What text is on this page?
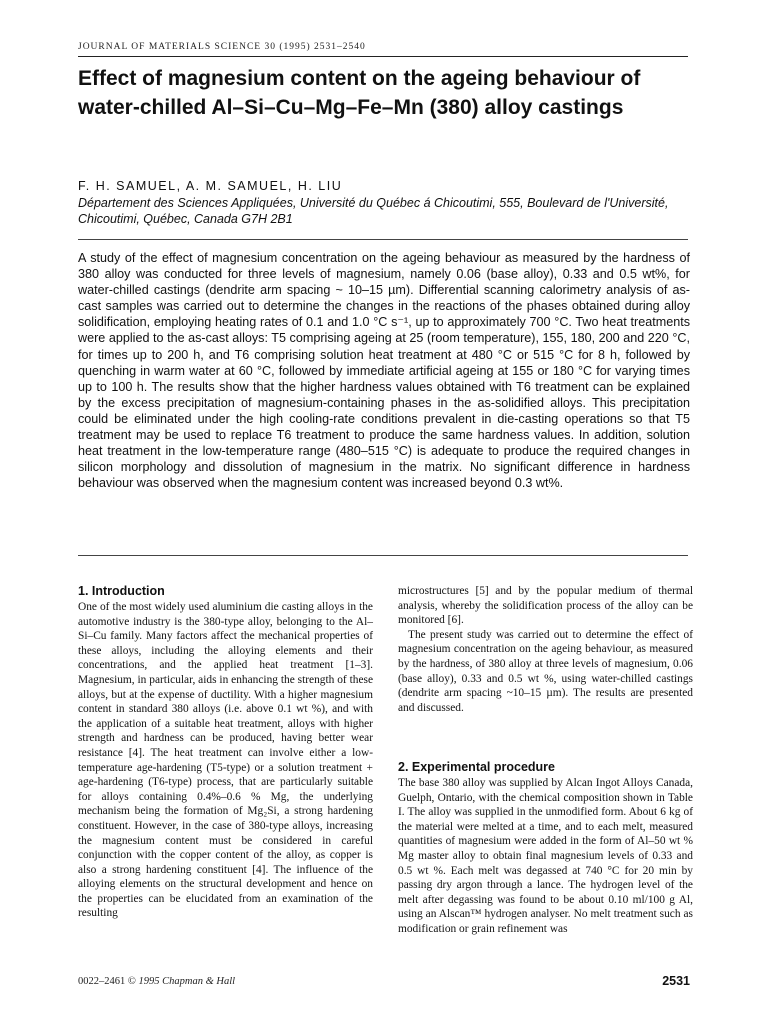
JOURNAL OF MATERIALS SCIENCE 30 (1995) 2531–2540
Effect of magnesium content on the ageing behaviour of water-chilled Al–Si–Cu–Mg–Fe–Mn (380) alloy castings
F. H. SAMUEL, A. M. SAMUEL, H. LIU
Département des Sciences Appliquées, Université du Québec á Chicoutimi, 555, Boulevard de l'Université, Chicoutimi, Québec, Canada G7H 2B1

A study of the effect of magnesium concentration on the ageing behaviour as measured by the hardness of 380 alloy was conducted for three levels of magnesium, namely 0.06 (base alloy), 0.33 and 0.5 wt%, for water-chilled castings (dendrite arm spacing ~ 10–15 µm). Differential scanning calorimetry analysis of as-cast samples was carried out to determine the changes in the reactions of the phases obtained during alloy solidification, employing heating rates of 0.1 and 1.0 °C s⁻¹, up to approximately 700 °C. Two heat treatments were applied to the as-cast alloys: T5 comprising ageing at 25 (room temperature), 155, 180, 200 and 220 °C, for times up to 200 h, and T6 comprising solution heat treatment at 480 °C or 515 °C for 8 h, followed by quenching in warm water at 60 °C, followed by immediate artificial ageing at 155 or 180 °C for varying times up to 100 h. The results show that the higher hardness values obtained with T6 treatment can be explained by the excess precipitation of magnesium-containing phases in the as-solidified alloys. This precipitation could be eliminated under the high cooling-rate conditions prevalent in die-casting operations so that T5 treatment may be used to replace T6 treatment to produce the same hardness values. In addition, solution heat treatment in the low-temperature range (480–515 °C) is adequate to produce the required changes in silicon morphology and dissolution of magnesium in the matrix. No significant difference in hardness behaviour was observed when the magnesium content was increased beyond 0.3 wt%.

1. Introduction

One of the most widely used aluminium die casting alloys in the automotive industry is the 380-type alloy, belonging to the Al–Si–Cu family. Many factors affect the mechanical properties of these alloys, including the alloying elements and their concentrations, and the applied heat treatment [1–3]. Magnesium, in particular, aids in enhancing the strength of these alloys, but at the expense of ductility. With a higher magnesium content in standard 380 alloys (i.e. above 0.1 wt %), and with the application of a suitable heat treatment, alloys with higher strength and hardness can be produced, having better wear resistance [4]. The heat treatment can involve either a low-temperature age-hardening (T5-type) or a solution treatment + age-hardening (T6-type) process, that are particularly suitable for alloys containing 0.4%–0.6 % Mg, the underlying mechanism being the formation of Mg₂Si, a strong hardening constituent. However, in the case of 380-type alloys, increasing the magnesium content must be considered in careful conjunction with the copper content of the alloy, as copper is also a strong hardening constituent [4]. The influence of the alloying elements on the structural development and hence on the properties can be elucidated from an examination of the resulting

microstructures [5] and by the popular medium of thermal analysis, whereby the solidification process of the alloy can be monitored [6].

The present study was carried out to determine the effect of magnesium concentration on the ageing behaviour, as measured by the hardness, of 380 alloy at three levels of magnesium, 0.06 (base alloy), 0.33 and 0.5 wt %, using water-chilled castings (dendrite arm spacing ~10–15 µm). The results are presented and discussed.

2. Experimental procedure

The base 380 alloy was supplied by Alcan Ingot Alloys Canada, Guelph, Ontario, with the chemical composition shown in Table I. The alloy was supplied in the unmodified form. About 6 kg of the material were melted at a time, and to each melt, measured quantities of magnesium were added in the form of Al–50 wt % Mg master alloy to obtain final magnesium levels of 0.33 and 0.5 wt %. Each melt was degassed at 740 °C for 20 min by passing dry argon through a lance. The hydrogen level of the melt after degassing was found to be about 0.10 ml/100 g Al, using an Alscan™ hydrogen analyser. No melt treatment such as modification or grain refinement was

0022–2461 © 1995 Chapman & Hall	2531
